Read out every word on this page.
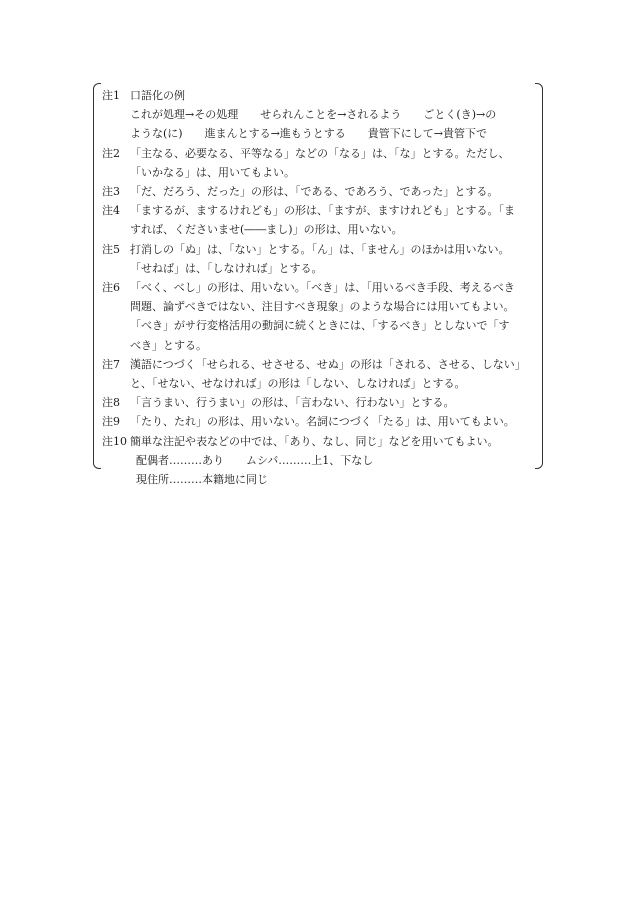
注1 口語化の例
これが処理→その処理　　せられんことを→されるよう　　ごとく(き)→の
ような(に)　　進まんとする→進もうとする　　貴管下にして→貴管下で
注2 「主なる、必要なる、平等なる」などの「なる」は、「な」とする。ただし、
「いかなる」は、用いてもよい。
注3 「だ、だろう、だった」の形は、「である、であろう、であった」とする。
注4 「まするが、まするけれども」の形は、「ますが、ますけれども」とする。「ま
すれば、くださいませ(――まし)」の形は、用いない。
注5 打消しの「ぬ」は、「ない」とする。「ん」は、「ません」のほかは用いない。
「せねば」は、「しなければ」とする。
注6 「べく、べし」の形は、用いない。「べき」は、「用いるべき手段、考えるべき
問題、論ずべきではない、注目すべき現象」のような場合には用いてもよい。
「べき」がサ行変格活用の動詞に続くときには、「するべき」としないで「す
べき」とする。
注7 漢語につづく「せられる、せさせる、せぬ」の形は「される、させる、しない」
と、「せない、せなければ」の形は「しない、しなければ」とする。
注8 「言うまい、行うまい」の形は、「言わない、行わない」とする。
注9 「たり、たれ」の形は、用いない。名詞につづく「たる」は、用いてもよい。
注10 簡単な注記や表などの中では、「あり、なし、同じ」などを用いてもよい。
配偶者………あり　　ムシバ………上1、下なし
現住所………本籍地に同じ
